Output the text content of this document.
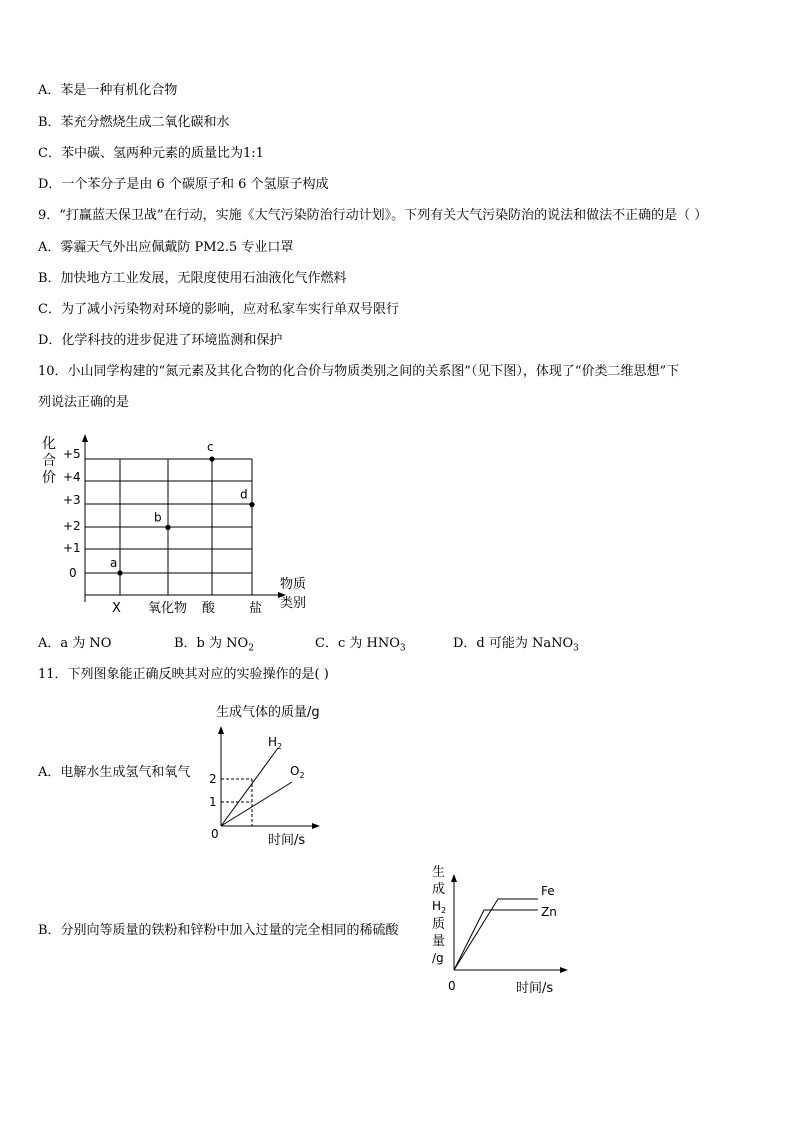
A．苯是一种有机化合物
B．苯充分燃烧生成二氧化碳和水
C．苯中碳、氢两种元素的质量比为1:1
D．一个苯分子是由 6 个碳原子和 6 个氢原子构成
9．“打赢蓝天保卫战”在行动，实施《大气污染防治行动计划》。下列有关大气污染防治的说法和做法不正确的是（ ）
A．雾霾天气外出应佩戴防 PM2.5 专业口罩
B．加快地方工业发展，无限度使用石油液化气作燃料
C．为了减小污染物对环境的影响，应对私家车实行单双号限行
D．化学科技的进步促进了环境监测和保护
10．小山同学构建的“氮元素及其化合物的化合价与物质类别之间的关系图”（见下图），体现了“价类二维思想”下
列说法正确的是
化
合
价
+5
+4
+3
+2
+1
0
X 氧化物 酸	盐
物质
类别
a
b
c
d
A．a 为 NO	B．b 为 $NO_2$	C．c 为 $HNO_3$	D．d 可能为 NaNO$_3$
11．下列图象能正确反映其对应的实验操作的是( )
A．电解水生成氢气和氧气
生成气体的质量/g
2
1
0	时间/s
$H_2$
$O_2$
B．分别向等质量的铁粉和锌粉中加入过量的完全相同的稀硫酸
生
成
$H_2$
质
量
/g
Fe
Zn
0	时间/s
